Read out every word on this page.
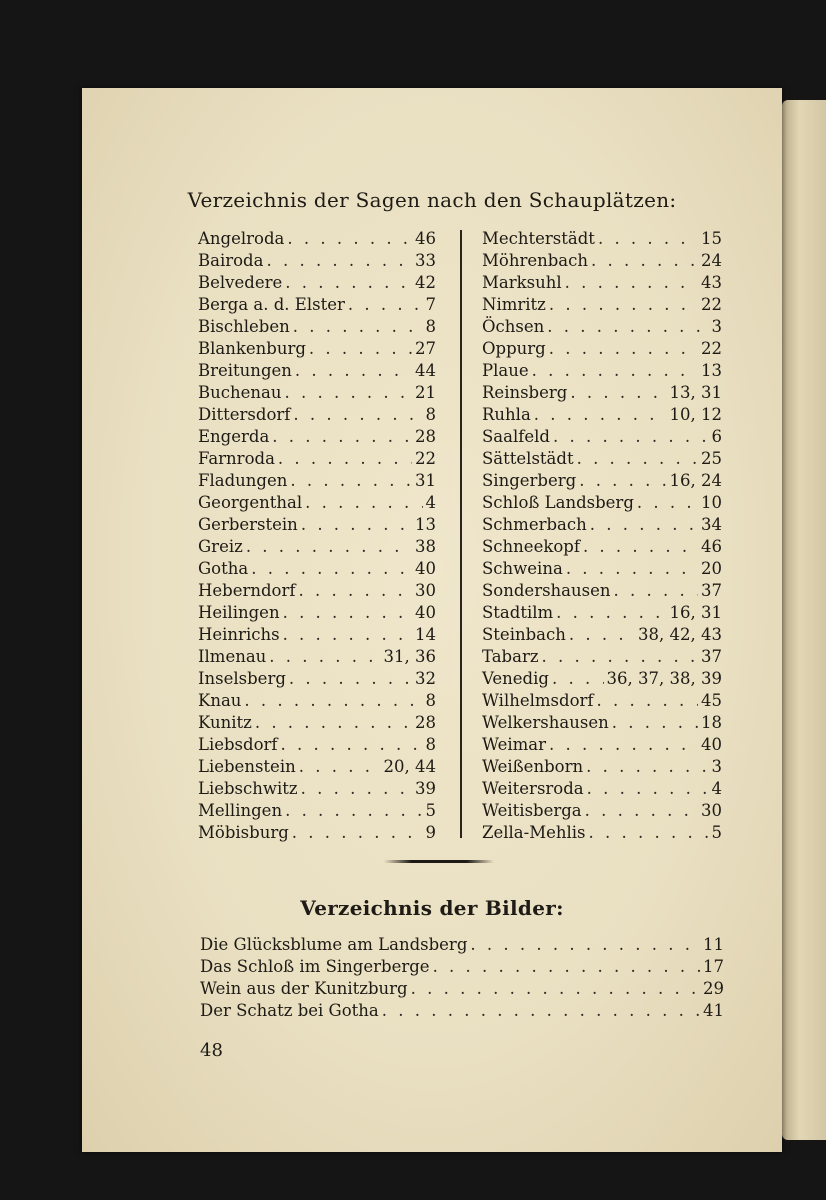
Verzeichnis der Sagen nach den Schauplätzen:
Angelroda . . .	46
Bairoda . . .	33
Belvedere . . .	42
Berga a. d. Elster . . .	7
Bischleben . . .	8
Blankenburg . . .	27
Breitungen . . .	44
Buchenau . . .	21
Dittersdorf . . .	8
Engerda . . .	28
Farnroda . . .	22
Fladungen . . .	31
Georgenthal . . .	4
Gerberstein . . .	13
Greiz . . .	38
Gotha . . .	40
Heberndorf . . .	30
Heilingen . . .	40
Heinrichs . . .	14
Ilmenau . . .	31, 36
Inselsberg . . .	32
Knau . . .	8
Kunitz . . .	28
Liebsdorf . . .	8
Liebenstein . . .	20, 44
Liebschwitz . . .	39
Mellingen . . .	5
Möbisburg . . .	9
Mechterstädt . . .	15
Möhrenbach . . .	24
Marksuhl . . .	43
Nimritz . . .	22
Öchsen . . .	3
Oppurg . . .	22
Plaue . . .	13
Reinsberg . . .	13, 31
Ruhla . . .	10, 12
Saalfeld . . .	6
Sättelstädt . . .	25
Singerberg . . .	16, 24
Schloß Landsberg . . .	10
Schmerbach . . .	34
Schneekopf . . .	46
Schweina . . .	20
Sondershausen . . .	37
Stadtilm . . .	16, 31
Steinbach . . .	38, 42, 43
Tabarz . . .	37
Venedig . . .	36, 37, 38, 39
Wilhelmsdorf . . .	45
Welkershausen . . .	18
Weimar . . .	40
Weißenborn . . .	3
Weitersroda . . .	4
Weitisberga . . .	30
Zella-Mehlis . . .	5
Verzeichnis der Bilder:
Die Glücksblume am Landsberg . . .	11
Das Schloß im Singerberge . . .	17
Wein aus der Kunitzburg . . .	29
Der Schatz bei Gotha . . .	41
48
